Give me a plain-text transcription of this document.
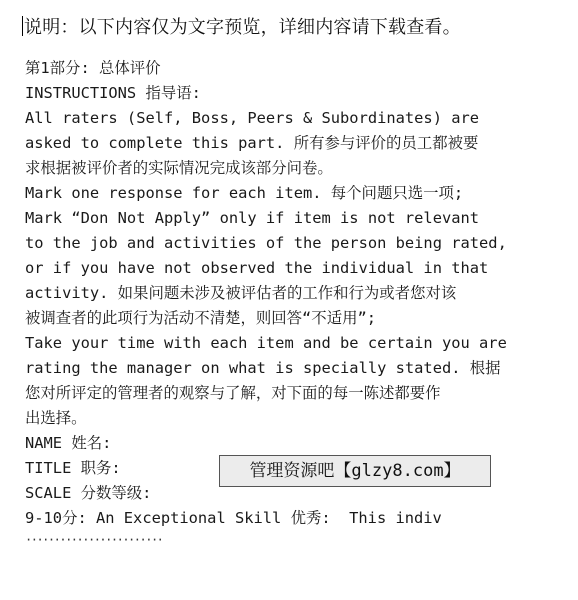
说明：以下内容仅为文字预览，详细内容请下载查看。
第1部分: 总体评价
INSTRUCTIONS 指导语:
All raters (Self, Boss, Peers & Subordinates) are
asked to complete this part. 所有参与评价的员工都被要
求根据被评价者的实际情况完成该部分问卷。
Mark one response for each item. 每个问题只选一项;
Mark “Don Not Apply” only if item is not relevant
to the job and activities of the person being rated,
or if you have not observed the individual in that
activity. 如果问题未涉及被评估者的工作和行为或者您对该
被调查者的此项行为活动不清楚，则回答“不适用”;
Take your time with each item and be certain you are
rating the manager on what is specially stated. 根据
您对所评定的管理者的观察与了解，对下面的每一陈述都要作
出选择。
NAME 姓名:
TITLE 职务:
SCALE 分数等级:
9-10分: An Exceptional Skill 优秀:  This indiv
管理资源吧【glzy8.com】
························
